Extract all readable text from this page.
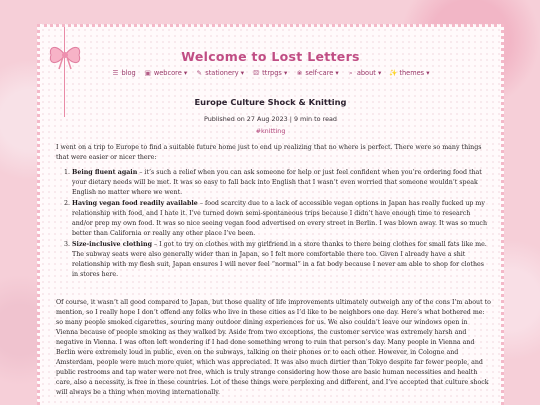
Welcome to Lost Letters
☰ blog ▣ webcore ▾ ✎ stationery ▾ ⚄ ttrpgs ▾ ❀ self-care ▾ ⌕ about ▾ ✨ themes ▾
Europe Culture Shock & Knitting
Published on 27 Aug 2023 | 9 min to read
#knitting

I went on a trip to Europe to find a suitable future home just to end up realizing that no where is perfect. There were so many things that were easier or nicer there:

1. Being fluent again – it’s such a relief when you can ask someone for help or just feel confident when you’re ordering food that your dietary needs will be met. It was so easy to fall back into English that I wasn’t even worried that someone wouldn’t speak English no matter where we went.
2. Having vegan food readily available – food scarcity due to a lack of accessible vegan options in Japan has really fucked up my relationship with food, and I hate it. I’ve turned down semi-spontaneous trips because I didn’t have enough time to research and/or prep my own food. It was so nice seeing vegan food advertised on every street in Berlin. I was blown away. It was so much better than California or really any other place I’ve been.
3. Size-inclusive clothing – I got to try on clothes with my girlfriend in a store thanks to there being clothes for small fats like me. The subway seats were also generally wider than in Japan, so I felt more comfortable there too. Given I already have a shit relationship with my flesh suit, Japan ensures I will never feel “normal” in a fat body because I never am able to shop for clothes in stores here.

Of course, it wasn’t all good compared to Japan, but those quality of life improvements ultimately outweigh any of the cons I’m about to mention, so I really hope I don’t offend any folks who live in these cities as I’d like to be neighbors one day. Here’s what bothered me: so many people smoked cigarettes, souring many outdoor dining experiences for us. We also couldn’t leave our windows open in Vienna because of people smoking as they walked by. Aside from two exceptions, the customer service was extremely harsh and negative in Vienna. I was often left wondering if I had done something wrong to ruin that person’s day. Many people in Vienna and Berlin were extremely loud in public, even on the subways, talking on their phones or to each other. However, in Cologne and Amsterdam, people were much more quiet, which was appreciated. It was also much dirtier than Tokyo despite far fewer people, and public restrooms and tap water were not free, which is truly strange considering how those are basic human necessities and health care, also a necessity, is free in these countries. Lot of these things were perplexing and different, and I’ve accepted that culture shock will always be a thing when moving internationally.
